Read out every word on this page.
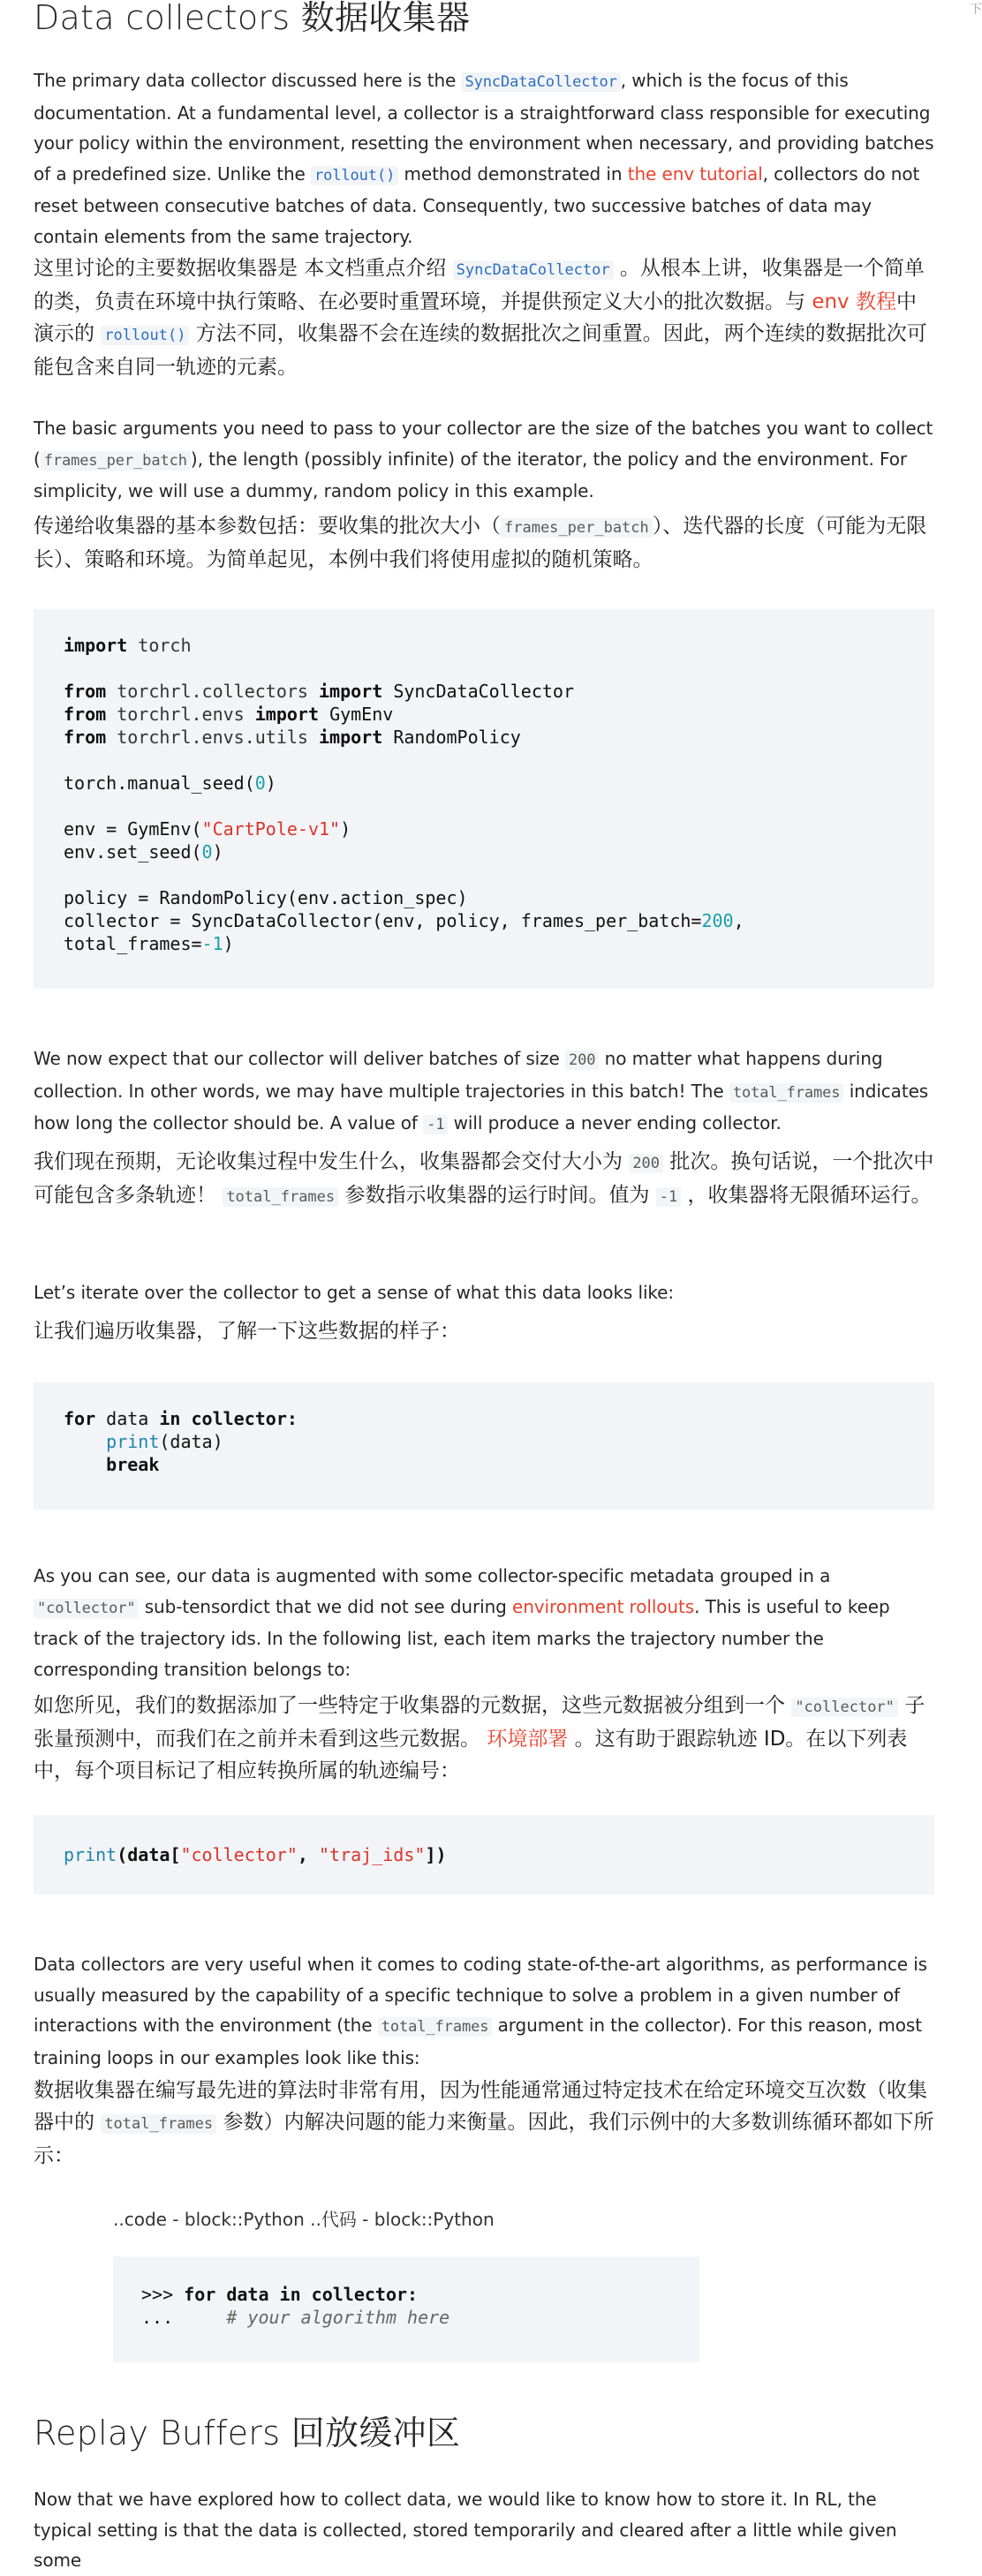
下
Data collectors 数据收集器

The primary data collector discussed here is the SyncDataCollector , which is the focus of this documentation. At a fundamental level, a collector is a straightforward class responsible for executing your policy within the environment, resetting the environment when necessary, and providing batches of a predefined size. Unlike the rollout() method demonstrated in the env tutorial, collectors do not reset between consecutive batches of data. Consequently, two successive batches of data may contain elements from the same trajectory.

这里讨论的主要数据收集器是 本文档重点介绍 SyncDataCollector 。从根本上讲，收集器是一个简单的类，负责在环境中执行策略、在必要时重置环境，并提供预定义大小的批次数据。与 env 教程中演示的 rollout() 方法不同，收集器不会在连续的数据批次之间重置。因此，两个连续的数据批次可能包含来自同一轨迹的元素。

The basic arguments you need to pass to your collector are the size of the batches you want to collect ( frames_per_batch ), the length (possibly infinite) of the iterator, the policy and the environment. For simplicity, we will use a dummy, random policy in this example.

传递给收集器的基本参数包括：要收集的批次大小（ frames_per_batch ）、迭代器的长度（可能为无限长）、策略和环境。为简单起见，本例中我们将使用虚拟的随机策略。

import torch

from torchrl.collectors import SyncDataCollector
from torchrl.envs import GymEnv
from torchrl.envs.utils import RandomPolicy

torch.manual_seed(0)

env = GymEnv("CartPole-v1")
env.set_seed(0)

policy = RandomPolicy(env.action_spec)
collector = SyncDataCollector(env, policy, frames_per_batch=200,
total_frames=-1)

We now expect that our collector will deliver batches of size 200 no matter what happens during collection. In other words, we may have multiple trajectories in this batch! The total_frames indicates how long the collector should be. A value of -1 will produce a never ending collector.

我们现在预期，无论收集过程中发生什么，收集器都会交付大小为 200 批次。换句话说，一个批次中可能包含多条轨迹！ total_frames 参数指示收集器的运行时间。值为 -1 ，收集器将无限循环运行。

Let’s iterate over the collector to get a sense of what this data looks like:

让我们遍历收集器，了解一下这些数据的样子：

for data in collector:
print(data)
break

As you can see, our data is augmented with some collector-specific metadata grouped in a "collector" sub-tensordict that we did not see during environment rollouts. This is useful to keep track of the trajectory ids. In the following list, each item marks the trajectory number the corresponding transition belongs to:

如您所见，我们的数据添加了一些特定于收集器的元数据，这些元数据被分组到一个 "collector" 子张量预测中，而我们在之前并未看到这些元数据。 环境部署 。这有助于跟踪轨迹 ID。在以下列表中，每个项目标记了相应转换所属的轨迹编号：

print(data["collector", "traj_ids"])

Data collectors are very useful when it comes to coding state-of-the-art algorithms, as performance is usually measured by the capability of a specific technique to solve a problem in a given number of interactions with the environment (the total_frames argument in the collector). For this reason, most training loops in our examples look like this:

数据收集器在编写最先进的算法时非常有用，因为性能通常通过特定技术在给定环境交互次数（收集器中的 total_frames 参数）内解决问题的能力来衡量。因此，我们示例中的大多数训练循环都如下所示：

..code - block::Python ..代码 - block::Python
>>> for data in collector:
...     # your algorithm here
Replay Buffers 回放缓冲区

Now that we have explored how to collect data, we would like to know how to store it. In RL, the typical setting is that the data is collected, stored temporarily and cleared after a little while given some
